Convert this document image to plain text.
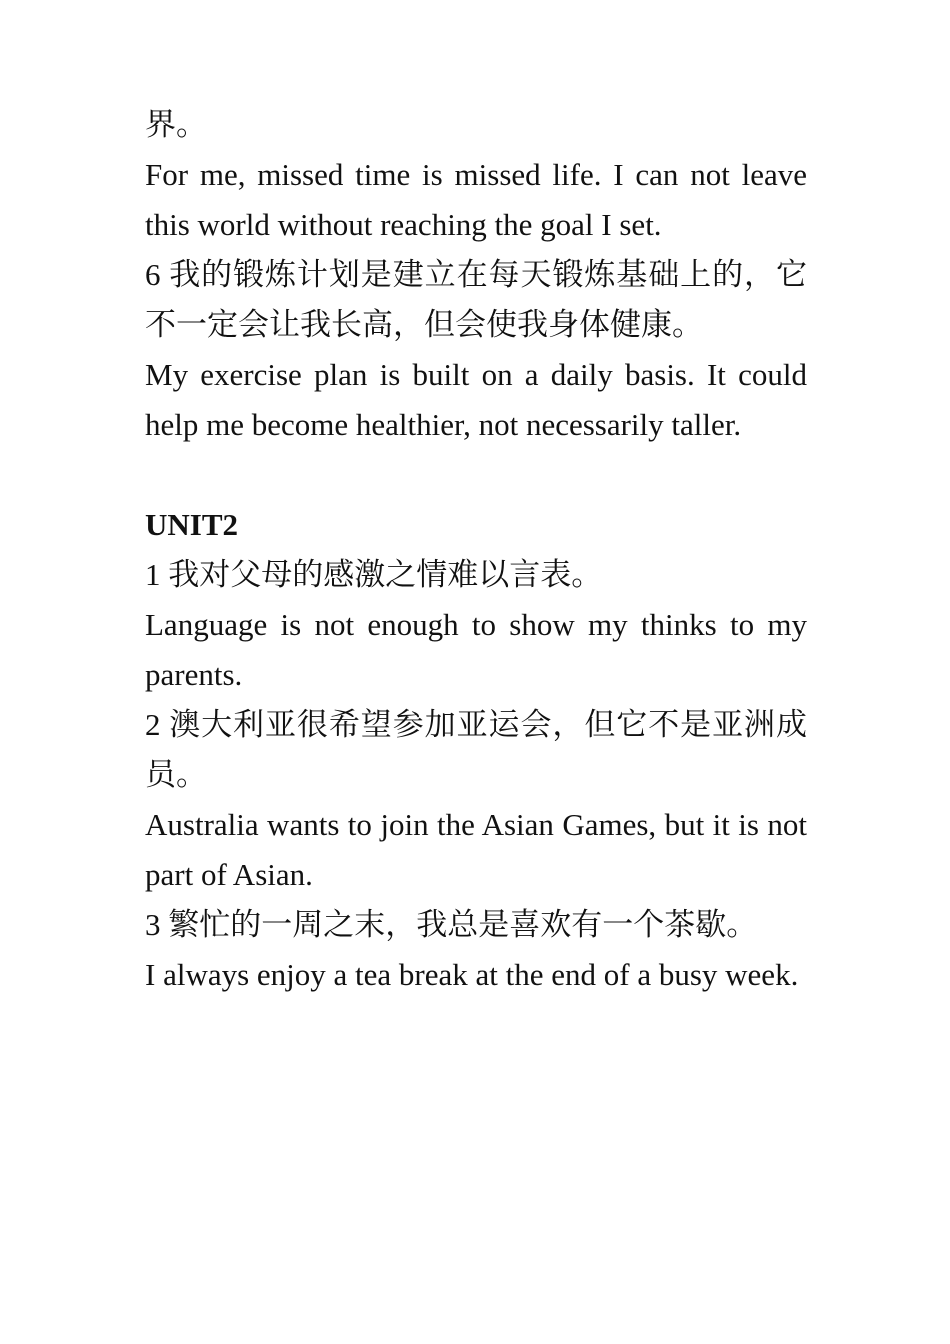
界。

For me, missed time is missed life. I can not leave this world without reaching the goal I set.

6 我的锻炼计划是建立在每天锻炼基础上的，它不一定会让我长高，但会使我身体健康。

My exercise plan is built on a daily basis. It could help me become healthier, not necessarily taller.

UNIT2

1 我对父母的感激之情难以言表。

Language is not enough to show my thinks to my parents.

2 澳大利亚很希望参加亚运会，但它不是亚洲成员。

Australia wants to join the Asian Games, but it is not part of Asian.

3 繁忙的一周之末，我总是喜欢有一个茶歇。

I always enjoy a tea break at the end of a busy week.
